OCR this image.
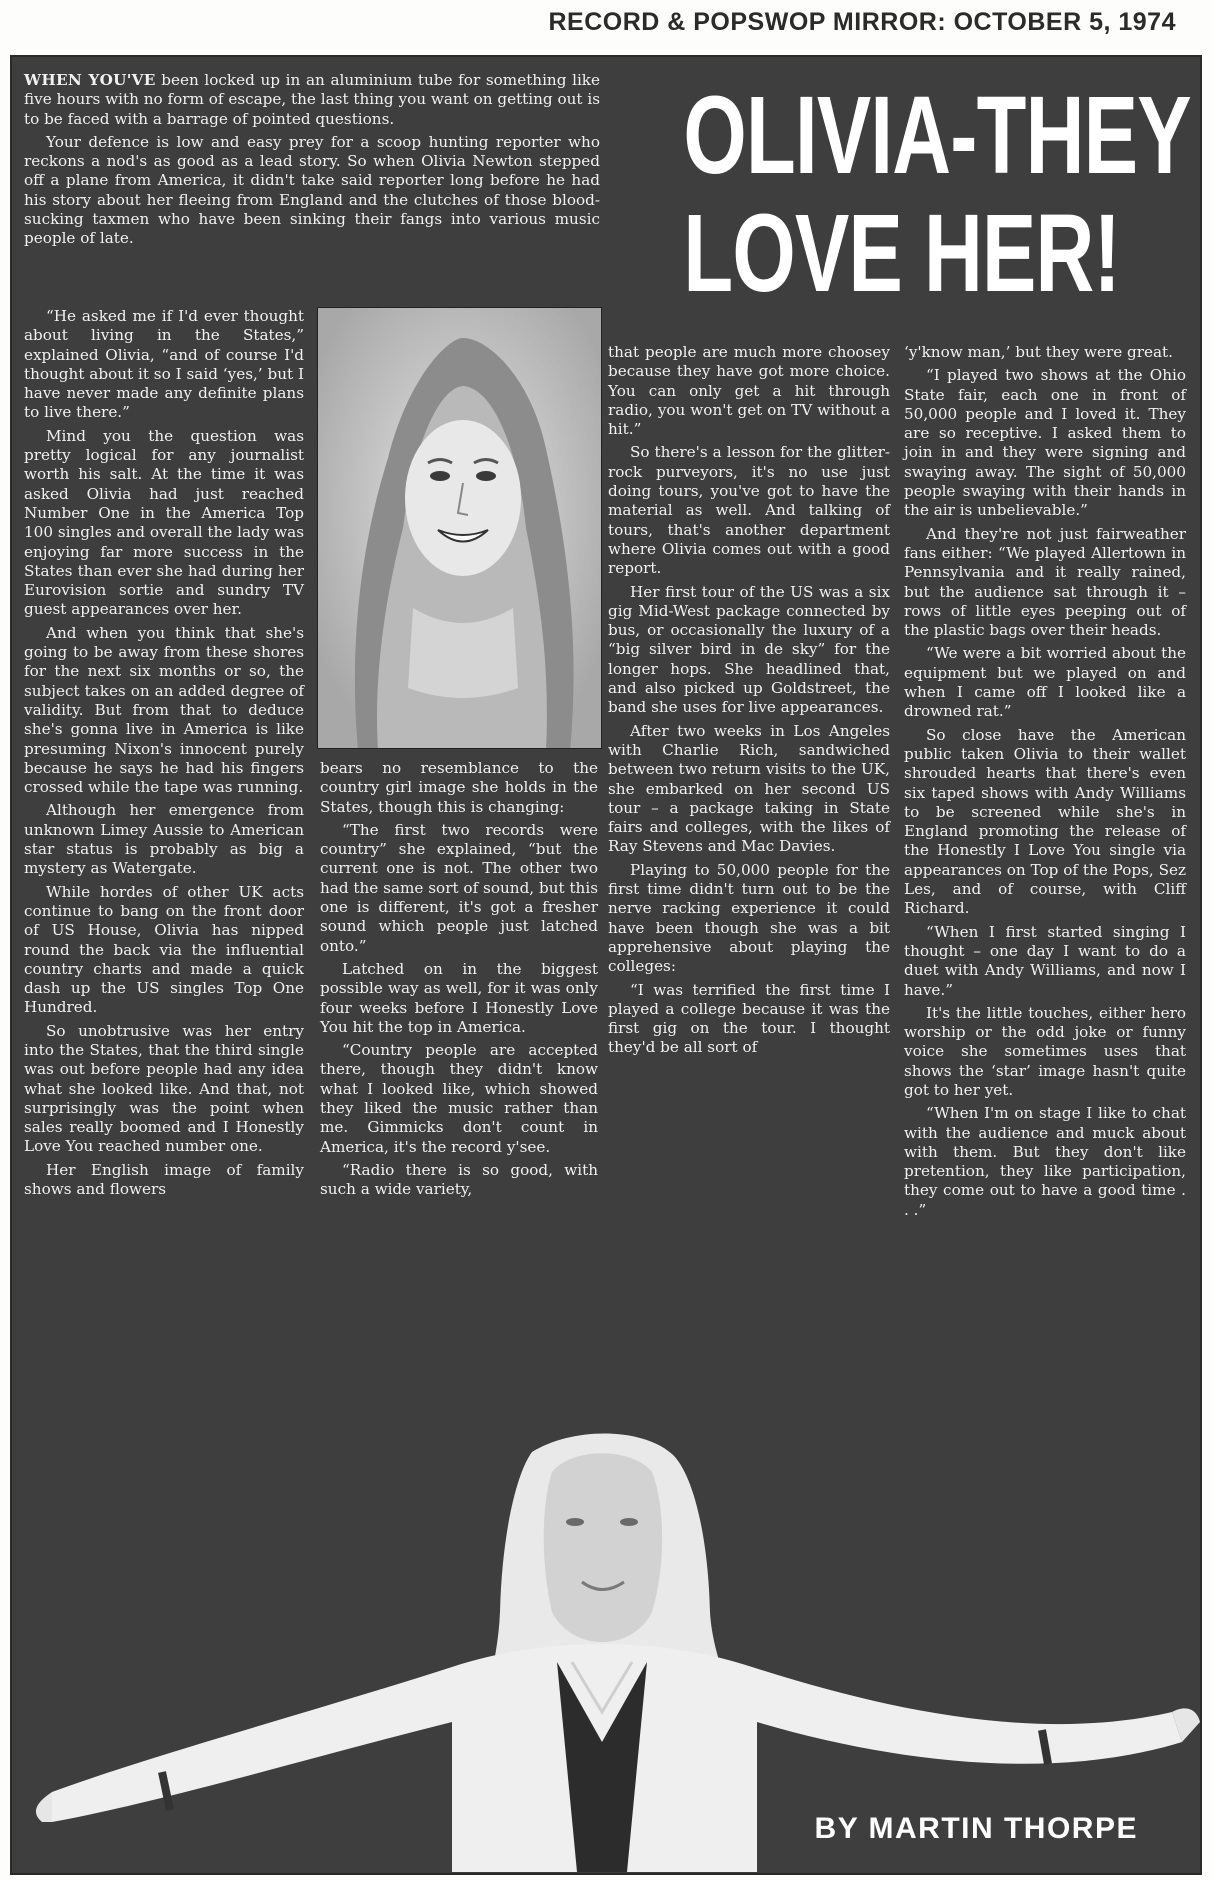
RECORD & POPSWOP MIRROR: OCTOBER 5, 1974

WHEN YOU'VE been locked up in an aluminium tube for something like five hours with no form of escape, the last thing you want on getting out is to be faced with a barrage of pointed questions.

Your defence is low and easy prey for a scoop hunting reporter who reckons a nod's as good as a lead story. So when Olivia Newton stepped off a plane from America, it didn't take said reporter long before he had his story about her fleeing from England and the clutches of those blood-sucking taxmen who have been sinking their fangs into various music people of late.

OLIVIA-THEY
LOVE HER!

“He asked me if I'd ever thought about living in the States,” explained Olivia, “and of course I'd thought about it so I said ‘yes,’ but I have never made any definite plans to live there.”

Mind you the question was pretty logical for any journalist worth his salt. At the time it was asked Olivia had just reached Number One in the America Top 100 singles and overall the lady was enjoying far more success in the States than ever she had during her Eurovision sortie and sundry TV guest appearances over her.

And when you think that she's going to be away from these shores for the next six months or so, the subject takes on an added degree of validity. But from that to deduce she's gonna live in America is like presuming Nixon's innocent purely because he says he had his fingers crossed while the tape was running.

Although her emergence from unknown Limey Aussie to American star status is probably as big a mystery as Watergate.

While hordes of other UK acts continue to bang on the front door of US House, Olivia has nipped round the back via the influential country charts and made a quick dash up the US singles Top One Hundred.

So unobtrusive was her entry into the States, that the third single was out before people had any idea what she looked like. And that, not surprisingly was the point when sales really boomed and I Honestly Love You reached number one.

Her English image of family shows and flowers

bears no resemblance to the country girl image she holds in the States, though this is changing:

“The first two records were country” she explained, “but the current one is not. The other two had the same sort of sound, but this one is different, it's got a fresher sound which people just latched onto.”

Latched on in the biggest possible way as well, for it was only four weeks before I Honestly Love You hit the top in America.

“Country people are accepted there, though they didn't know what I looked like, which showed they liked the music rather than me. Gimmicks don't count in America, it's the record y'see.

“Radio there is so good, with such a wide variety,

that people are much more choosey because they have got more choice. You can only get a hit through radio, you won't get on TV without a hit.”

So there's a lesson for the glitter-rock purveyors, it's no use just doing tours, you've got to have the material as well. And talking of tours, that's another department where Olivia comes out with a good report.

Her first tour of the US was a six gig Mid-West package connected by bus, or occasionally the luxury of a “big silver bird in de sky” for the longer hops. She headlined that, and also picked up Goldstreet, the band she uses for live appearances.

After two weeks in Los Angeles with Charlie Rich, sandwiched between two return visits to the UK, she embarked on her second US tour – a package taking in State fairs and colleges, with the likes of Ray Stevens and Mac Davies.

Playing to 50,000 people for the first time didn't turn out to be the nerve racking experience it could have been though she was a bit apprehensive about playing the colleges:

“I was terrified the first time I played a college because it was the first gig on the tour. I thought they'd be all sort of

‘y'know man,’ but they were great.

“I played two shows at the Ohio State fair, each one in front of 50,000 people and I loved it. They are so receptive. I asked them to join in and they were signing and swaying away. The sight of 50,000 people swaying with their hands in the air is unbelievable.”

And they're not just fairweather fans either: “We played Allertown in Pennsylvania and it really rained, but the audience sat through it – rows of little eyes peeping out of the plastic bags over their heads.

“We were a bit worried about the equipment but we played on and when I came off I looked like a drowned rat.”

So close have the American public taken Olivia to their wallet shrouded hearts that there's even six taped shows with Andy Williams to be screened while she's in England promoting the release of the Honestly I Love You single via appearances on Top of the Pops, Sez Les, and of course, with Cliff Richard.

“When I first started singing I thought – one day I want to do a duet with Andy Williams, and now I have.”

It's the little touches, either hero worship or the odd joke or funny voice she sometimes uses that shows the ‘star’ image hasn't quite got to her yet.

“When I'm on stage I like to chat with the audience and muck about with them. But they don't like pretention, they like participation, they come out to have a good time . . .”

BY MARTIN THORPE
